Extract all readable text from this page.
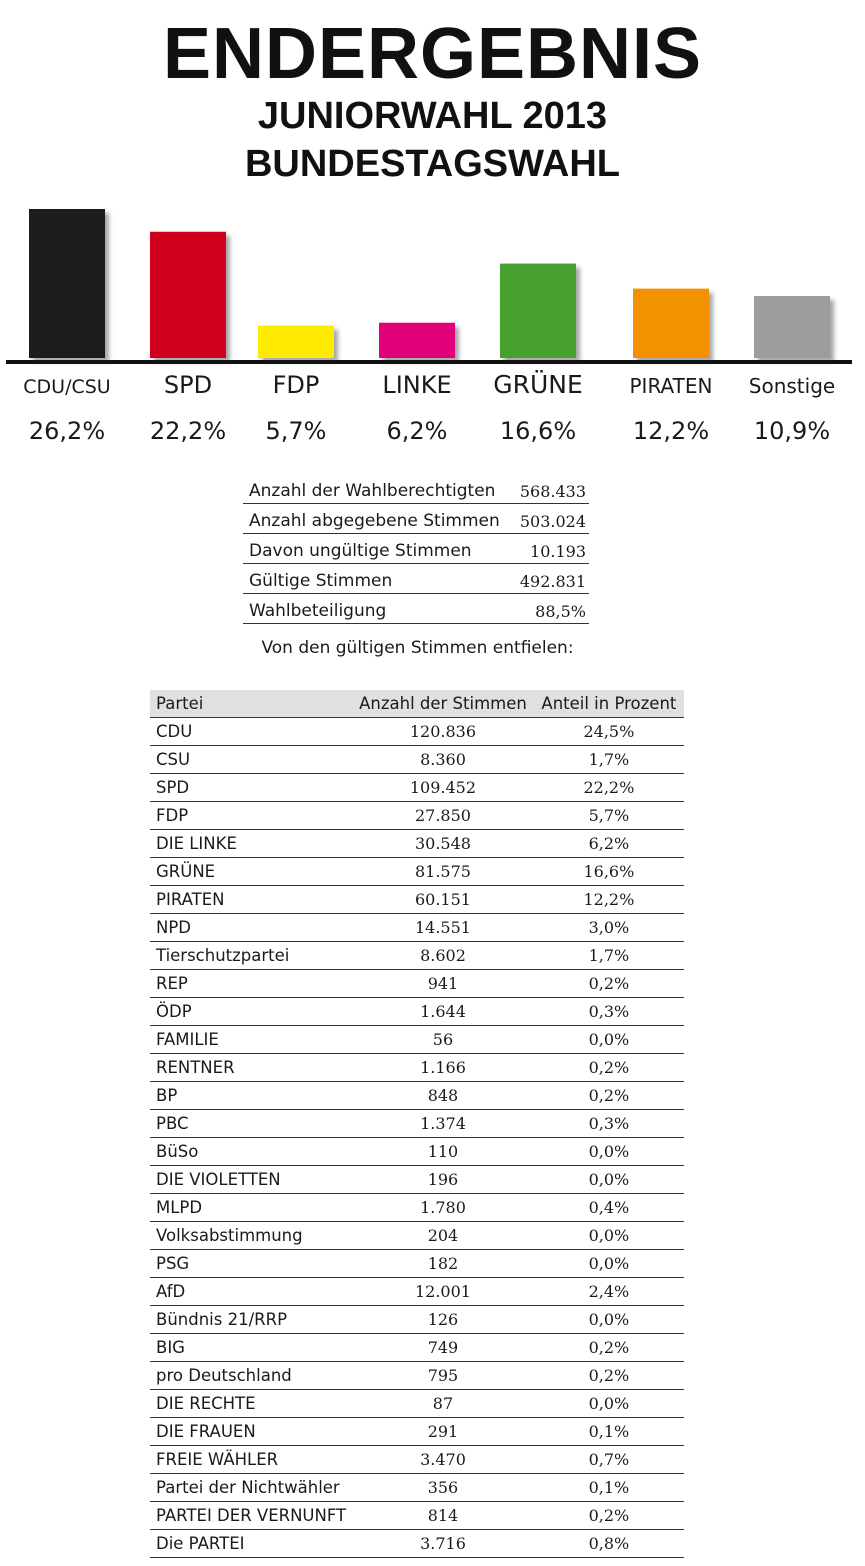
ENDERGEBNIS
JUNIORWAHL 2013
BUNDESTAGSWAHL
CDU/CSU
26,2%
SPD
22,2%
FDP
5,7%
LINKE
6,2%
GRÜNE
16,6%
PIRATEN
12,2%
Sonstige
10,9%
Anzahl der Wahlberechtigten	568.433
Anzahl abgegebene Stimmen	503.024
Davon ungültige Stimmen	10.193
Gültige Stimmen	492.831
Wahlbeteiligung	88,5%
Von den gültigen Stimmen entfielen:
Partei	Anzahl der Stimmen	Anteil in Prozent
CDU	120.836	24,5%
CSU	8.360	1,7%
SPD	109.452	22,2%
FDP	27.850	5,7%
DIE LINKE	30.548	6,2%
GRÜNE	81.575	16,6%
PIRATEN	60.151	12,2%
NPD	14.551	3,0%
Tierschutzpartei	8.602	1,7%
REP	941	0,2%
ÖDP	1.644	0,3%
FAMILIE	56	0,0%
RENTNER	1.166	0,2%
BP	848	0,2%
PBC	1.374	0,3%
BüSo	110	0,0%
DIE VIOLETTEN	196	0,0%
MLPD	1.780	0,4%
Volksabstimmung	204	0,0%
PSG	182	0,0%
AfD	12.001	2,4%
Bündnis 21/RRP	126	0,0%
BIG	749	0,2%
pro Deutschland	795	0,2%
DIE RECHTE	87	0,0%
DIE FRAUEN	291	0,1%
FREIE WÄHLER	3.470	0,7%
Partei der Nichtwähler	356	0,1%
PARTEI DER VERNUNFT	814	0,2%
Die PARTEI	3.716	0,8%
